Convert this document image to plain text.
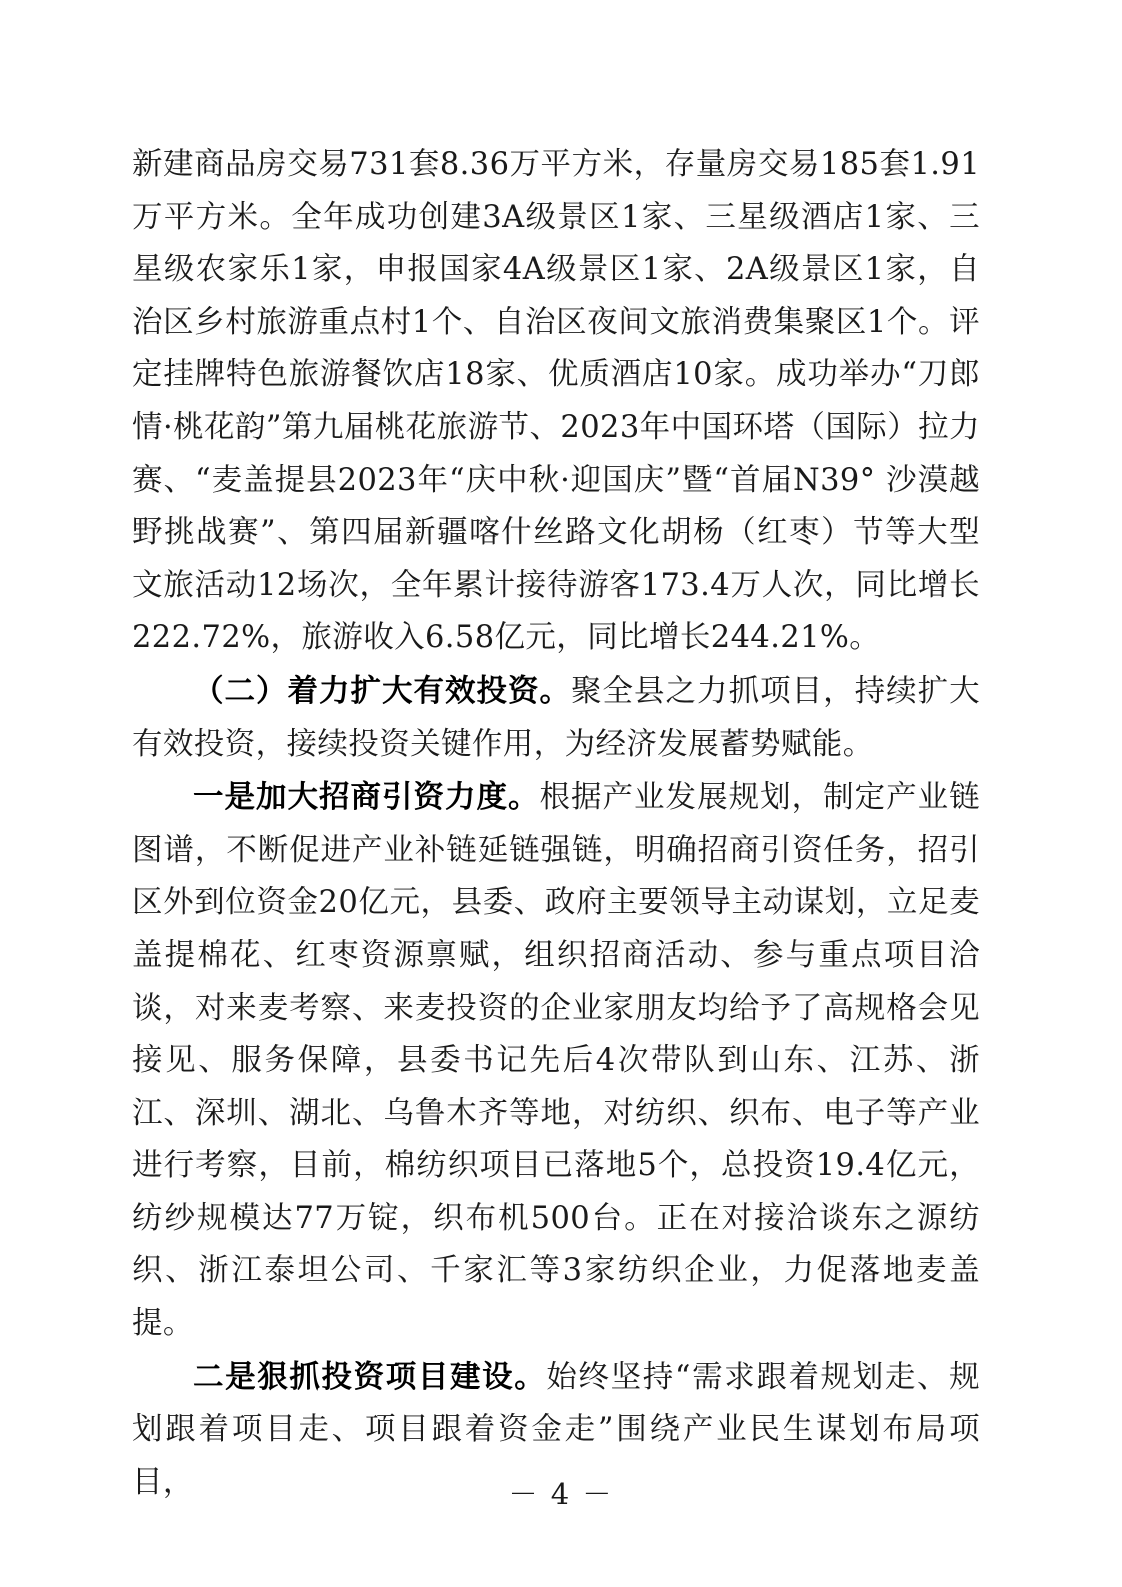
新建商品房交易731套8.36万平方米，存量房交易185套1.91万平方米。全年成功创建3A级景区1家、三星级酒店1家、三星级农家乐1家，申报国家4A级景区1家、2A级景区1家，自治区乡村旅游重点村1个、自治区夜间文旅消费集聚区1个。评定挂牌特色旅游餐饮店18家、优质酒店10家。成功举办“刀郎情·桃花韵”第九届桃花旅游节、2023年中国环塔（国际）拉力赛、“麦盖提县2023年“庆中秋·迎国庆”暨“首届N39° 沙漠越野挑战赛”、第四届新疆喀什丝路文化胡杨（红枣）节等大型文旅活动12场次，全年累计接待游客173.4万人次，同比增长222.72%，旅游收入6.58亿元，同比增长244.21%。

（二）着力扩大有效投资。聚全县之力抓项目，持续扩大有效投资，接续投资关键作用，为经济发展蓄势赋能。

一是加大招商引资力度。根据产业发展规划，制定产业链图谱，不断促进产业补链延链强链，明确招商引资任务，招引区外到位资金20亿元，县委、政府主要领导主动谋划，立足麦盖提棉花、红枣资源禀赋，组织招商活动、参与重点项目洽谈，对来麦考察、来麦投资的企业家朋友均给予了高规格会见接见、服务保障，县委书记先后4次带队到山东、江苏、浙江、深圳、湖北、乌鲁木齐等地，对纺织、织布、电子等产业进行考察，目前，棉纺织项目已落地5个，总投资19.4亿元，纺纱规模达77万锭，织布机500台。正在对接洽谈东之源纺织、浙江泰坦公司、千家汇等3家纺织企业，力促落地麦盖提。

二是狠抓投资项目建设。始终坚持“需求跟着规划走、规划跟着项目走、项目跟着资金走”围绕产业民生谋划布局项目，	－ 4 －
